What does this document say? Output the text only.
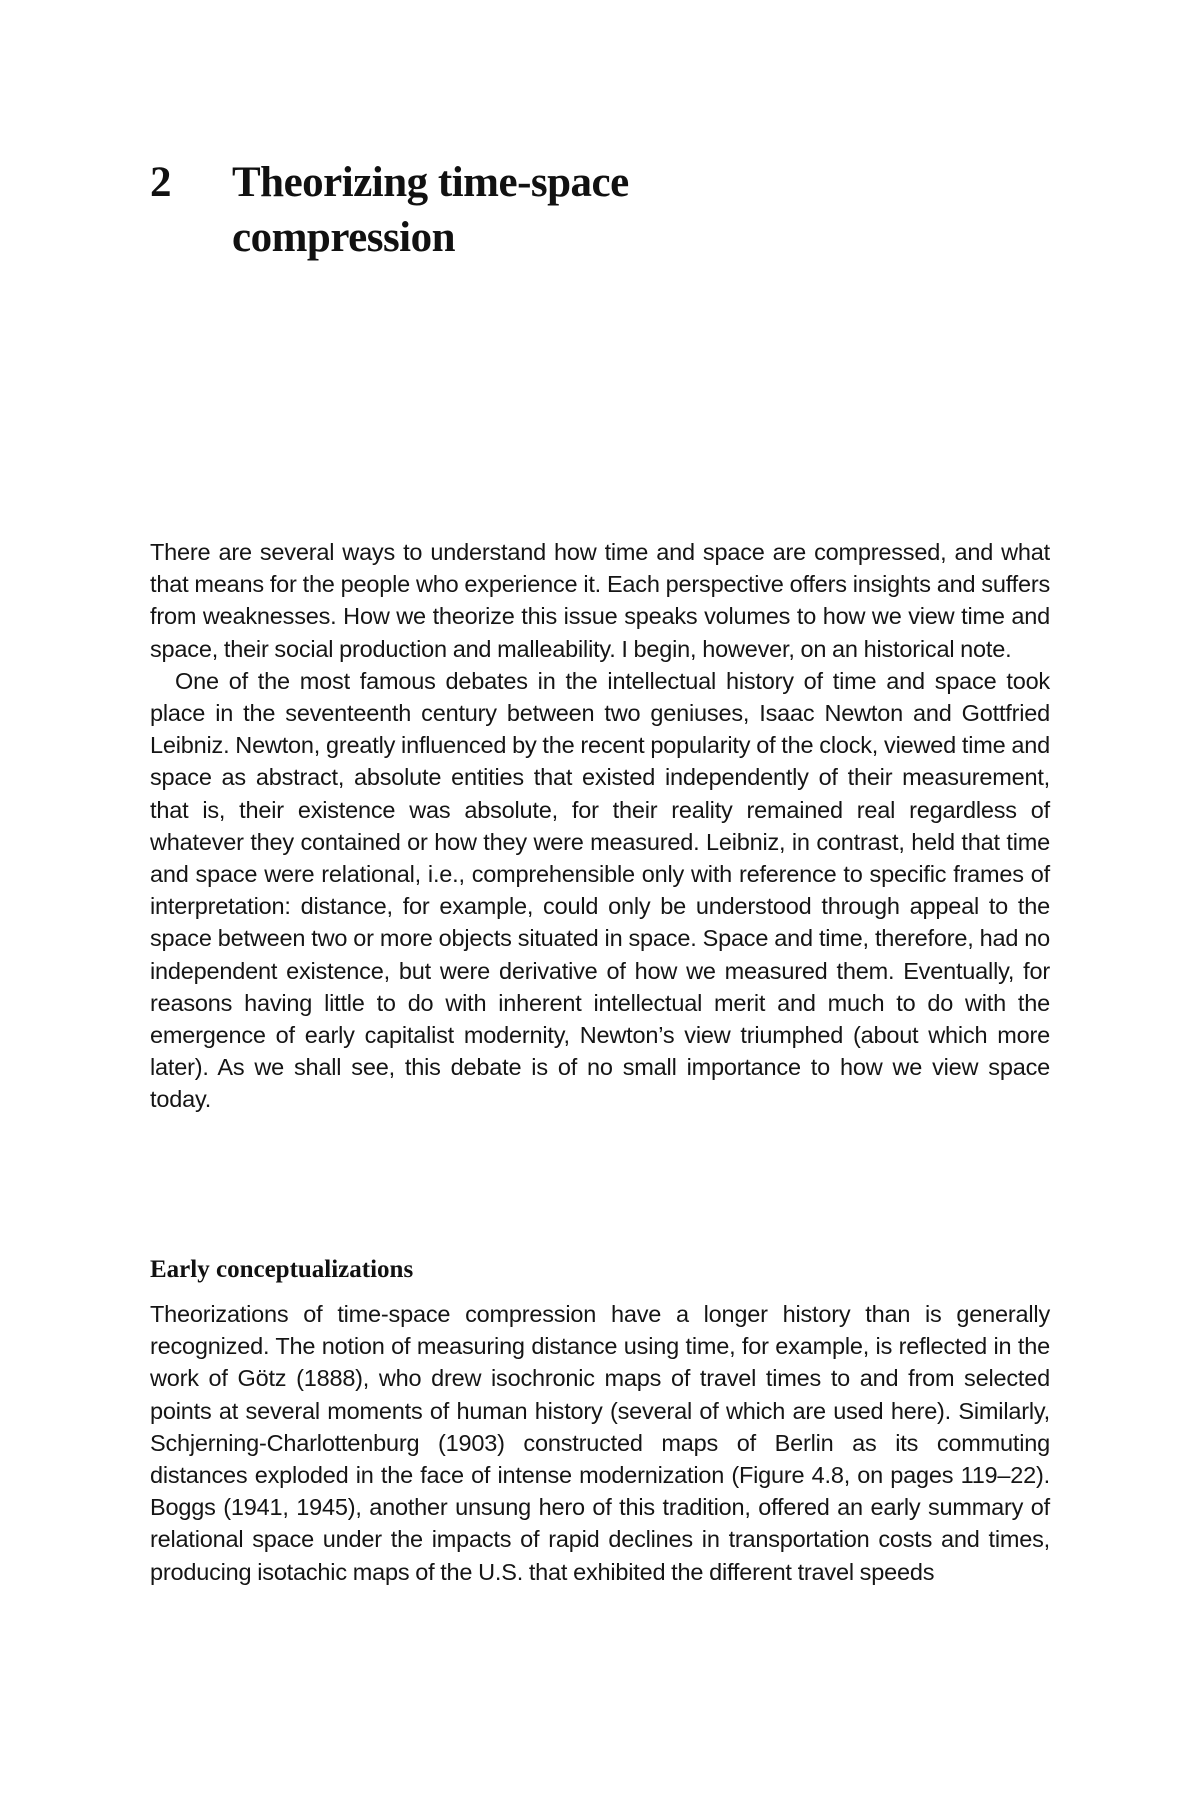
2 Theorizing time-space compression

There are several ways to understand how time and space are compressed, and what that means for the people who experience it. Each perspective offers insights and suffers from weaknesses. How we theorize this issue speaks volumes to how we view time and space, their social production and malleability. I begin, however, on an historical note.

One of the most famous debates in the intellectual history of time and space took place in the seventeenth century between two geniuses, Isaac Newton and Gottfried Leibniz. Newton, greatly influenced by the recent popularity of the clock, viewed time and space as abstract, absolute entities that existed independently of their measurement, that is, their existence was absolute, for their reality remained real regardless of whatever they contained or how they were measured. Leibniz, in contrast, held that time and space were relational, i.e., comprehensible only with reference to specific frames of interpretation: distance, for example, could only be understood through appeal to the space between two or more objects situated in space. Space and time, therefore, had no independent existence, but were derivative of how we measured them. Eventually, for reasons having little to do with inherent intellectual merit and much to do with the emergence of early capitalist modernity, Newton’s view triumphed (about which more later). As we shall see, this debate is of no small importance to how we view space today.

Early conceptualizations

Theorizations of time-space compression have a longer history than is generally recognized. The notion of measuring distance using time, for example, is reflected in the work of Götz (1888), who drew isochronic maps of travel times to and from selected points at several moments of human history (several of which are used here). Similarly, Schjerning-Charlottenburg (1903) constructed maps of Berlin as its commuting distances exploded in the face of intense modernization (Figure 4.8, on pages 119–22). Boggs (1941, 1945), another unsung hero of this tradition, offered an early summary of relational space under the impacts of rapid declines in transportation costs and times, producing isotachic maps of the U.S. that exhibited the different travel speeds
